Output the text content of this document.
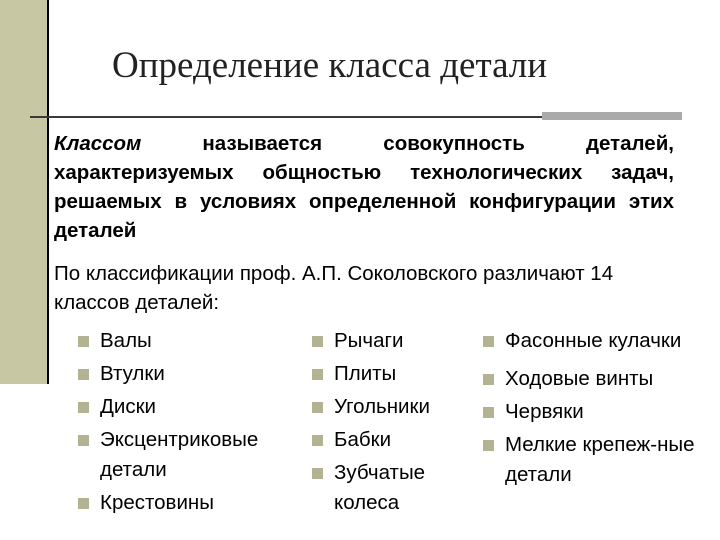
Определение класса детали
Классом называется совокупность деталей, характеризуемых общностью технологических задач, решаемых в условиях определенной конфигурации этих деталей
По классификации проф. А.П. Соколовского различают 14 классов деталей:
Валы
Втулки
Диски
Эксцентриковые детали
Крестовины
Рычаги
Плиты
Угольники
Бабки
Зубчатые колеса
Фасонные кулачки
Ходовые винты
Червяки
Мелкие крепеж-ные детали
